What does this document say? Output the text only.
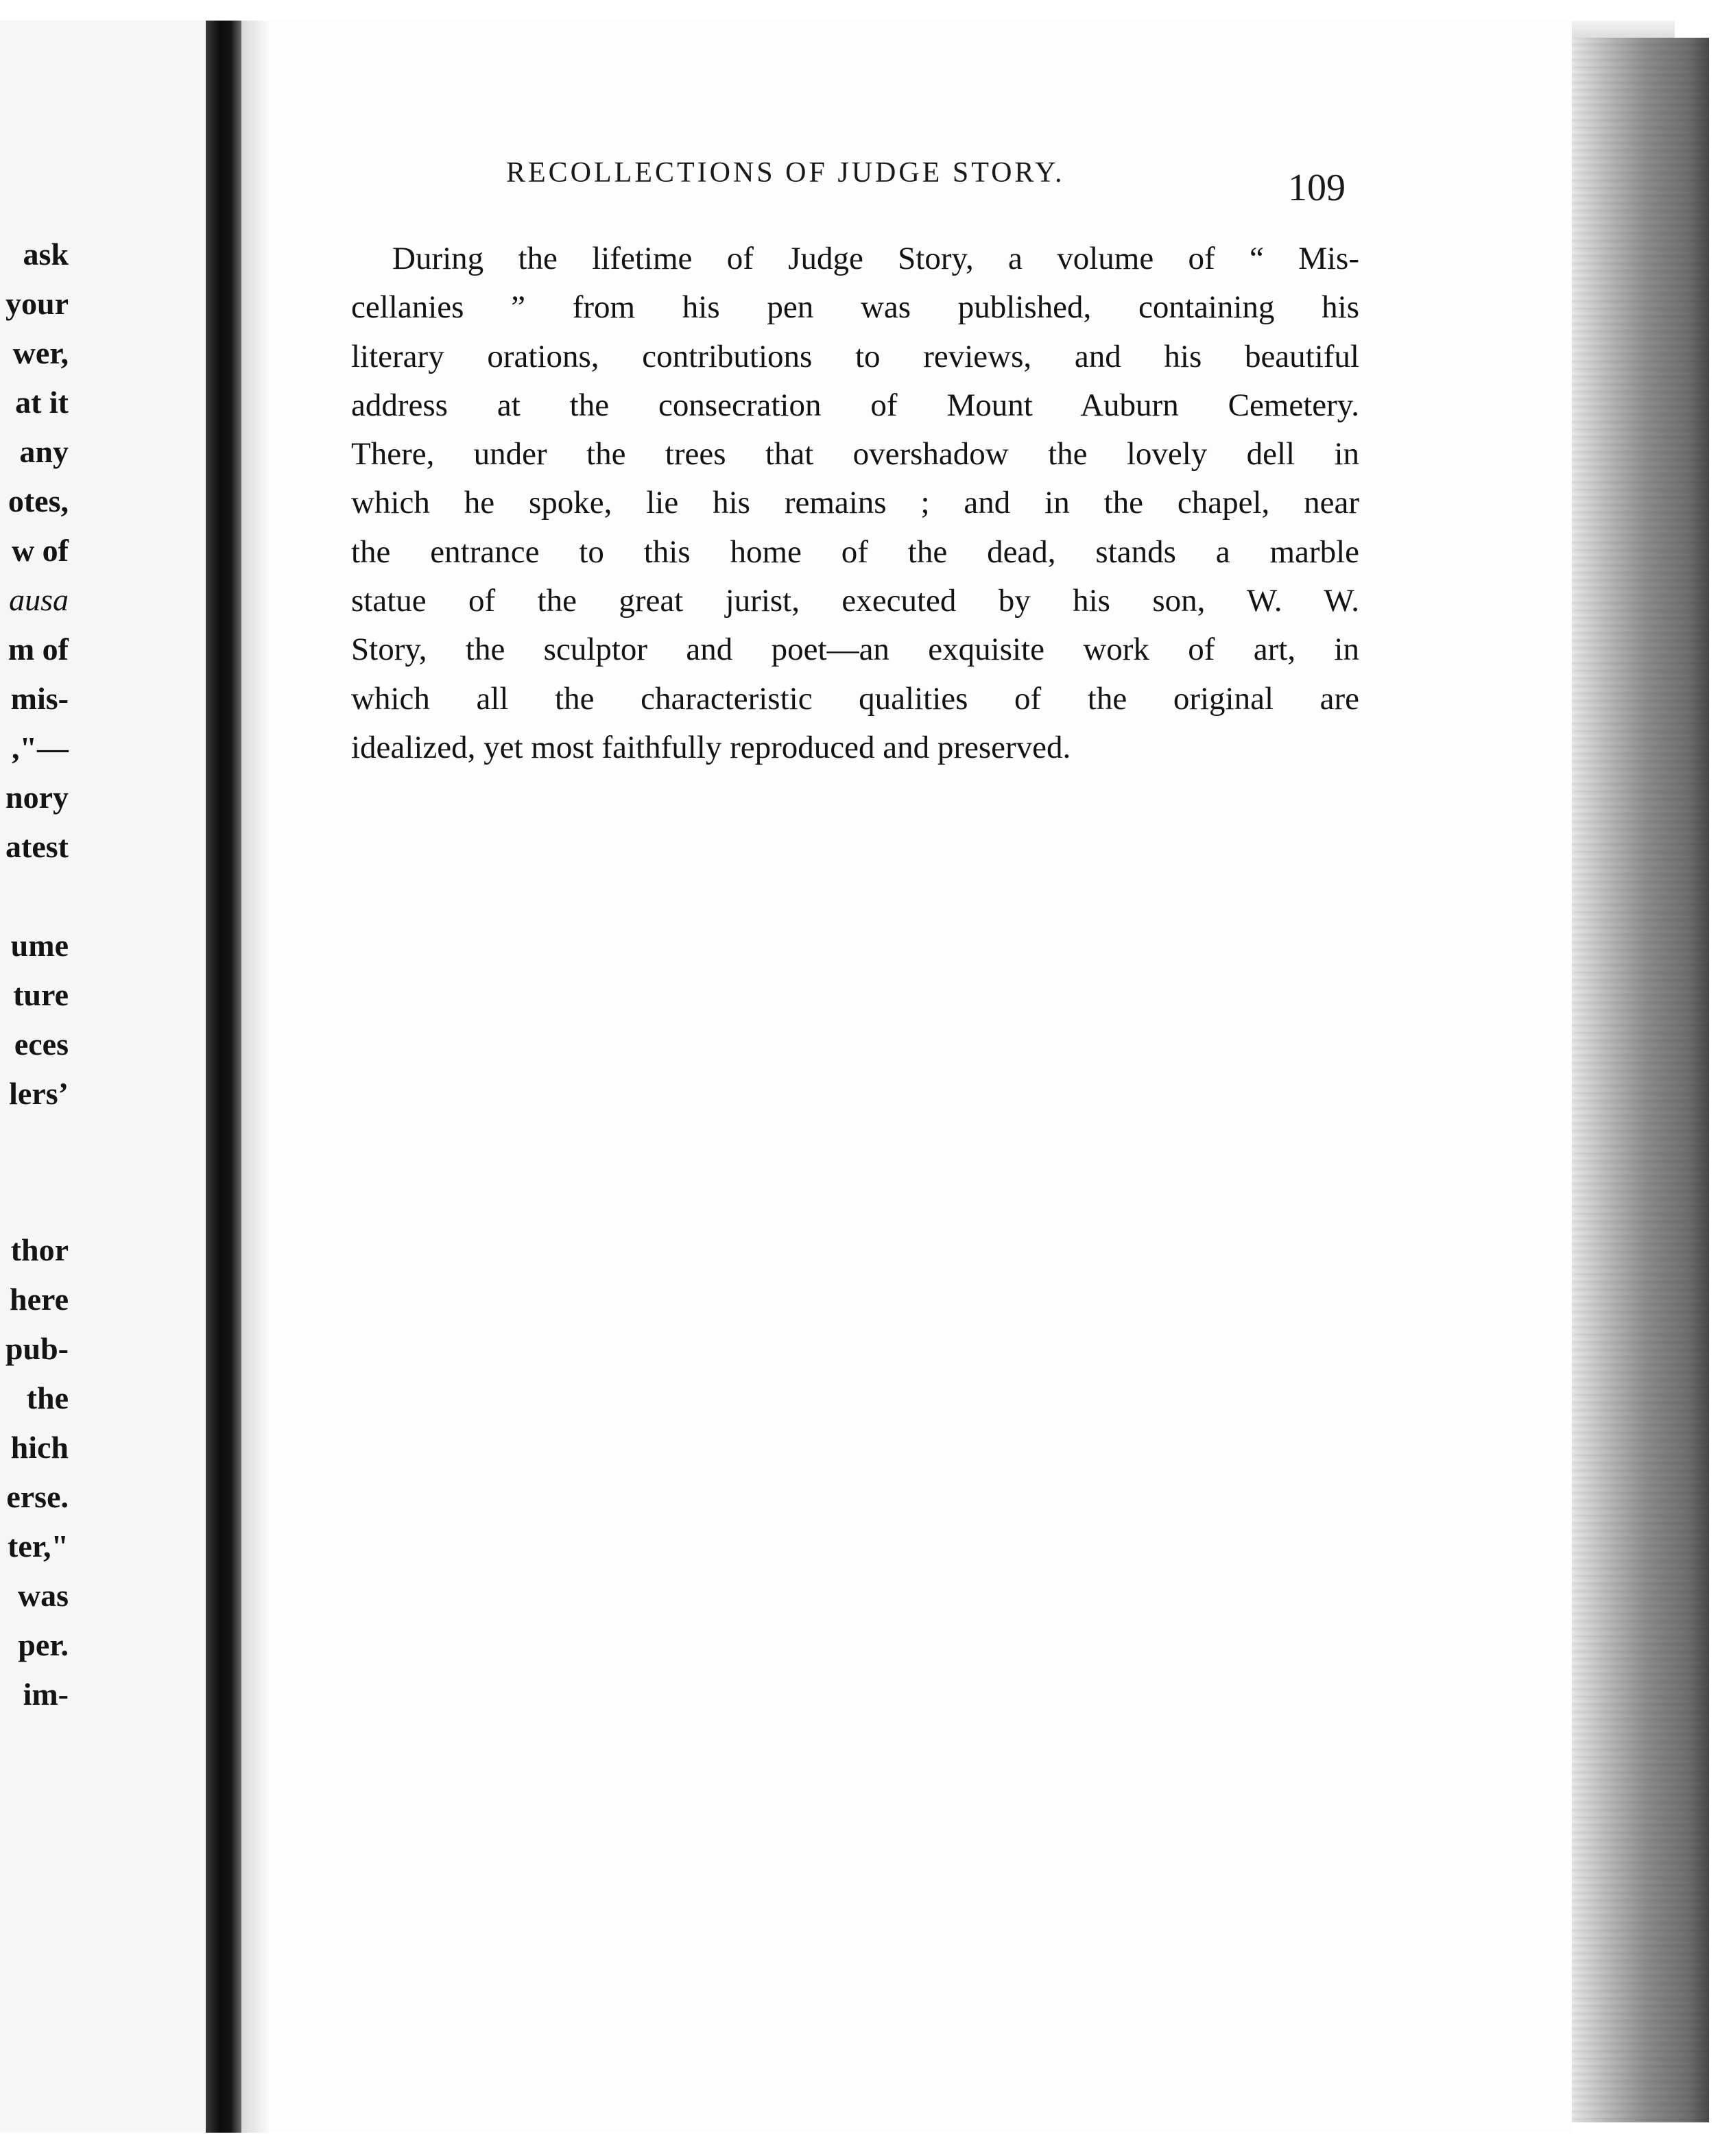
ask
your
wer,
at it
any
otes,
w of
ausa
m of
mis-
,"—
nory
atest
ume
ture
eces
lers’
thor
here
pub-
the
hich
erse.
ter,"
was
per.
im-
RECOLLECTIONS OF JUDGE STORY.	109
During the lifetime of Judge Story, a volume of “ Mis-
cellanies ” from his pen was published, containing his
literary orations, contributions to reviews, and his beautiful
address at the consecration of Mount Auburn Cemetery.
There, under the trees that overshadow the lovely dell in
which he spoke, lie his remains ; and in the chapel, near
the entrance to this home of the dead, stands a marble
statue of the great jurist, executed by his son, W. W.
Story, the sculptor and poet—an exquisite work of art, in
which all the characteristic qualities of the original are
idealized, yet most faithfully reproduced and preserved.
